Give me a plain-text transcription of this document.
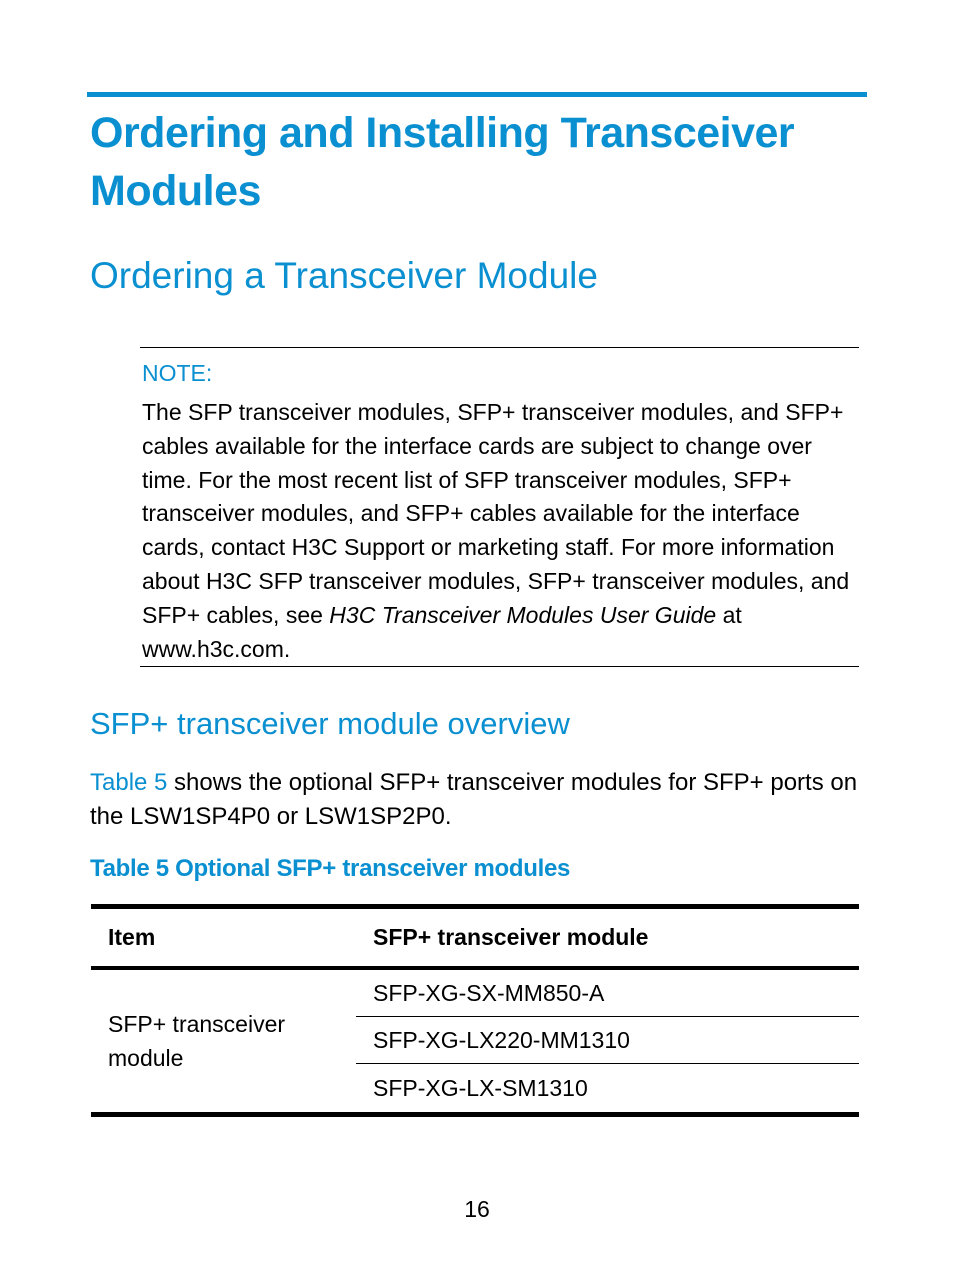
Ordering and Installing Transceiver Modules
Ordering a Transceiver Module
NOTE:

The SFP transceiver modules, SFP+ transceiver modules, and SFP+ cables available for the interface cards are subject to change over time. For the most recent list of SFP transceiver modules, SFP+ transceiver modules, and SFP+ cables available for the interface cards, contact H3C Support or marketing staff. For more information about H3C SFP transceiver modules, SFP+ transceiver modules, and SFP+ cables, see H3C Transceiver Modules User Guide at www.h3c.com.

SFP+ transceiver module overview

Table 5 shows the optional SFP+ transceiver modules for SFP+ ports on the LSW1SP4P0 or LSW1SP2P0.

Table 5 Optional SFP+ transceiver modules
Item	SFP+ transceiver module
SFP+ transceiver module
SFP-XG-SX-MM850-A
SFP-XG-LX220-MM1310
SFP-XG-LX-SM1310
16
